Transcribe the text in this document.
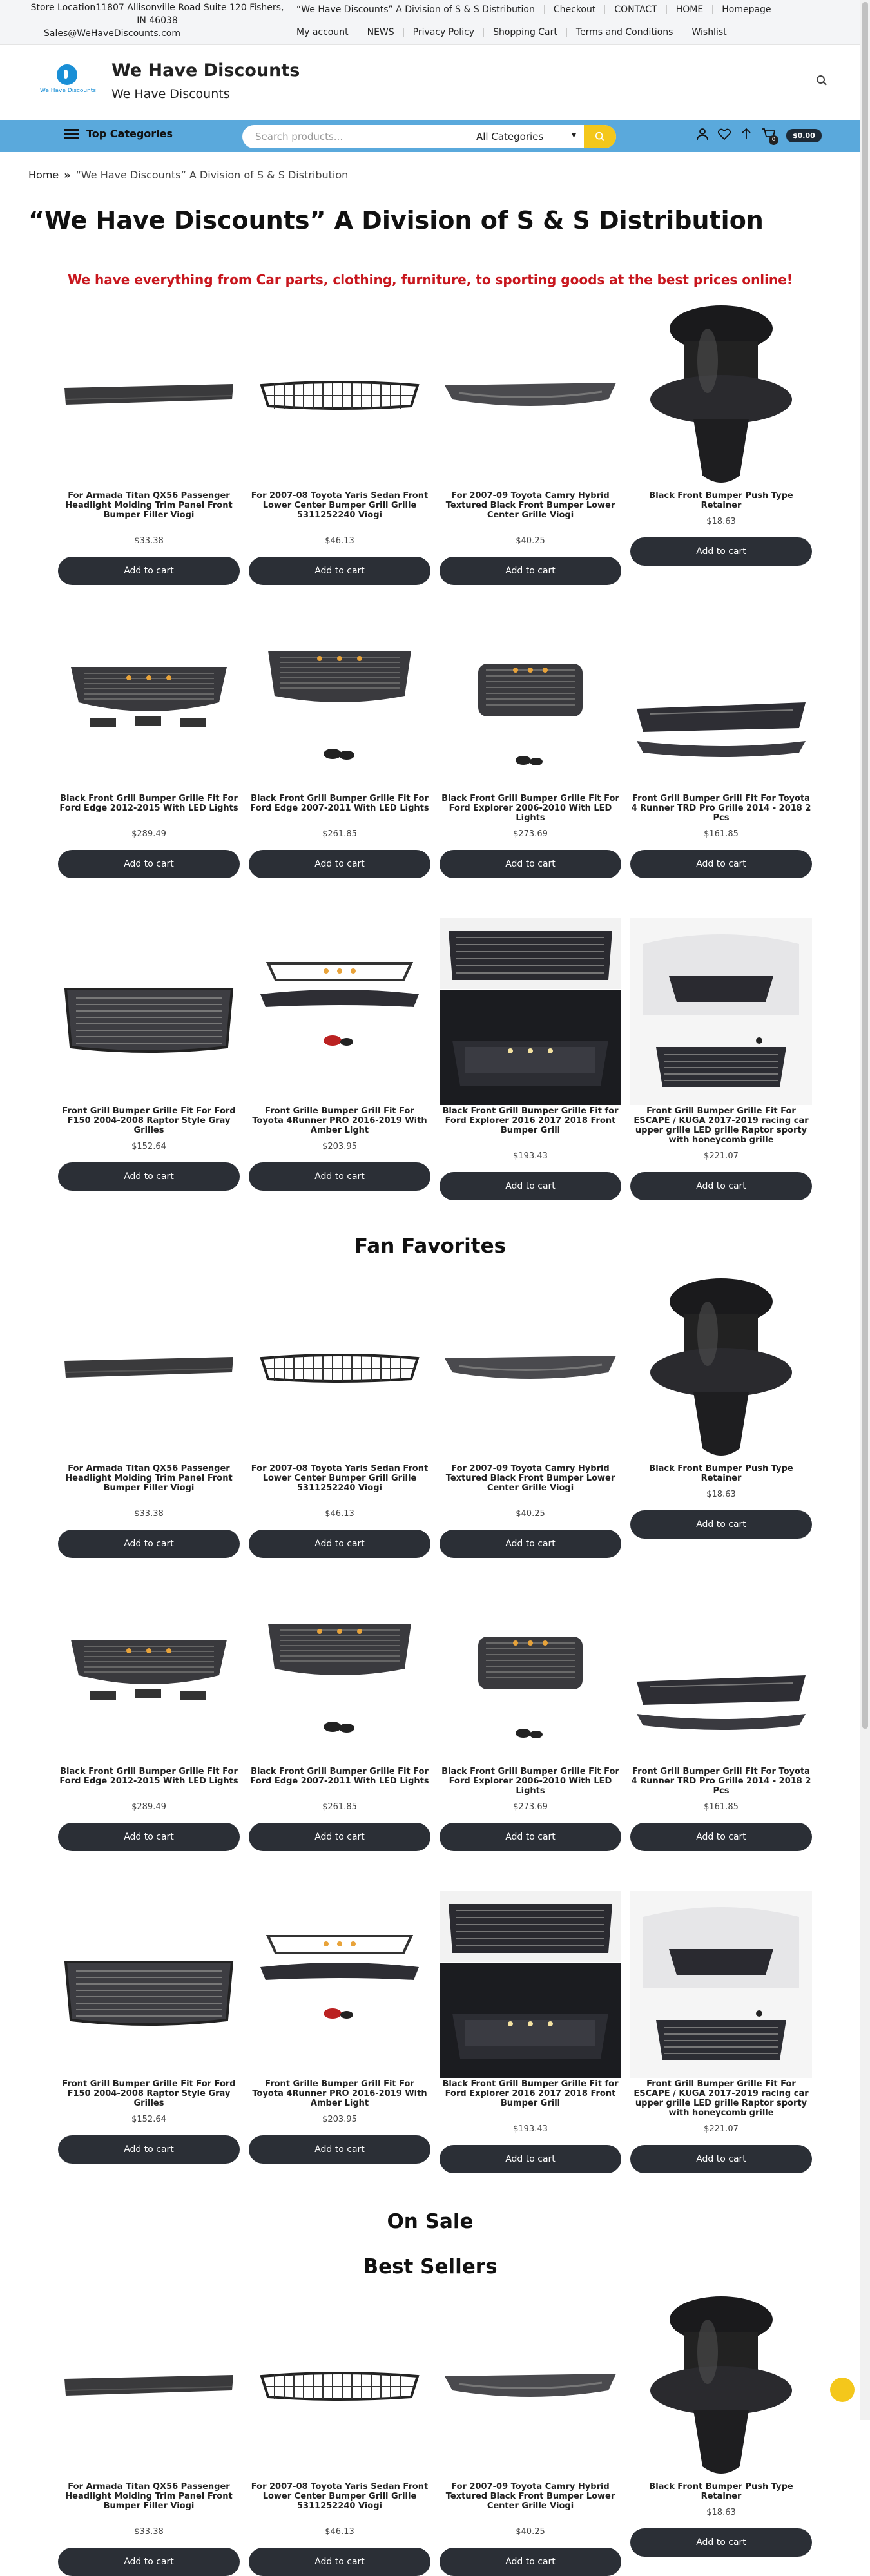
Store Location11807 Allisonville Road Suite 120 Fishers, IN 46038
Sales@WeHaveDiscounts.com
“We Have Discounts” A Division of S & S Distribution	Checkout	CONTACT	HOME	Homepage
My account	NEWS	Privacy Policy	Shopping Cart	Terms and Conditions	Wishlist
We Have Discounts
We Have Discounts
We Have Discounts
Top Categories	Search products...	All Categories ▾	0	$0.00
Home » “We Have Discounts” A Division of S & S Distribution
“We Have Discounts” A Division of S & S Distribution
We have everything from Car parts, clothing, furniture, to sporting goods at the best prices online!
For Armada Titan QX56 Passenger Headlight Molding Trim Panel Front Bumper Filler Viogi
$33.38
Add to cart
For 2007-08 Toyota Yaris Sedan Front Lower Center Bumper Grill Grille 5311252240 Viogi
$46.13
Add to cart
For 2007-09 Toyota Camry Hybrid Textured Black Front Bumper Lower Center Grille Viogi
$40.25
Add to cart
Black Front Bumper Push Type Retainer
$18.63
Add to cart
Black Front Grill Bumper Grille Fit For Ford Edge 2012-2015 With LED Lights
$289.49
Add to cart
Black Front Grill Bumper Grille Fit For Ford Edge 2007-2011 With LED Lights
$261.85
Add to cart
Black Front Grill Bumper Grille Fit For Ford Explorer 2006-2010 With LED Lights
$273.69
Add to cart
Front Grill Bumper Grill Fit For Toyota 4 Runner TRD Pro Grille 2014 - 2018 2 Pcs
$161.85
Add to cart
Front Grill Bumper Grille Fit For Ford F150 2004-2008 Raptor Style Gray Grilles
$152.64
Add to cart
Front Grille Bumper Grill Fit For Toyota 4Runner PRO 2016-2019 With Amber Light
$203.95
Add to cart
Black Front Grill Bumper Grille Fit for Ford Explorer 2016 2017 2018 Front Bumper Grill
$193.43
Add to cart
Front Grill Bumper Grille Fit For ESCAPE / KUGA 2017-2019 racing car upper grille LED grille Raptor sporty with honeycomb grille
$221.07
Add to cart
Fan Favorites
For Armada Titan QX56 Passenger Headlight Molding Trim Panel Front Bumper Filler Viogi
$33.38
Add to cart
For 2007-08 Toyota Yaris Sedan Front Lower Center Bumper Grill Grille 5311252240 Viogi
$46.13
Add to cart
For 2007-09 Toyota Camry Hybrid Textured Black Front Bumper Lower Center Grille Viogi
$40.25
Add to cart
Black Front Bumper Push Type Retainer
$18.63
Add to cart
Black Front Grill Bumper Grille Fit For Ford Edge 2012-2015 With LED Lights
$289.49
Add to cart
Black Front Grill Bumper Grille Fit For Ford Edge 2007-2011 With LED Lights
$261.85
Add to cart
Black Front Grill Bumper Grille Fit For Ford Explorer 2006-2010 With LED Lights
$273.69
Add to cart
Front Grill Bumper Grill Fit For Toyota 4 Runner TRD Pro Grille 2014 - 2018 2 Pcs
$161.85
Add to cart
Front Grill Bumper Grille Fit For Ford F150 2004-2008 Raptor Style Gray Grilles
$152.64
Add to cart
Front Grille Bumper Grill Fit For Toyota 4Runner PRO 2016-2019 With Amber Light
$203.95
Add to cart
Black Front Grill Bumper Grille Fit for Ford Explorer 2016 2017 2018 Front Bumper Grill
$193.43
Add to cart
Front Grill Bumper Grille Fit For ESCAPE / KUGA 2017-2019 racing car upper grille LED grille Raptor sporty with honeycomb grille
$221.07
Add to cart
On Sale
Best Sellers
For Armada Titan QX56 Passenger Headlight Molding Trim Panel Front Bumper Filler Viogi
$33.38
Add to cart
For 2007-08 Toyota Yaris Sedan Front Lower Center Bumper Grill Grille 5311252240 Viogi
$46.13
Add to cart
For 2007-09 Toyota Camry Hybrid Textured Black Front Bumper Lower Center Grille Viogi
$40.25
Add to cart
Black Front Bumper Push Type Retainer
$18.63
Add to cart
